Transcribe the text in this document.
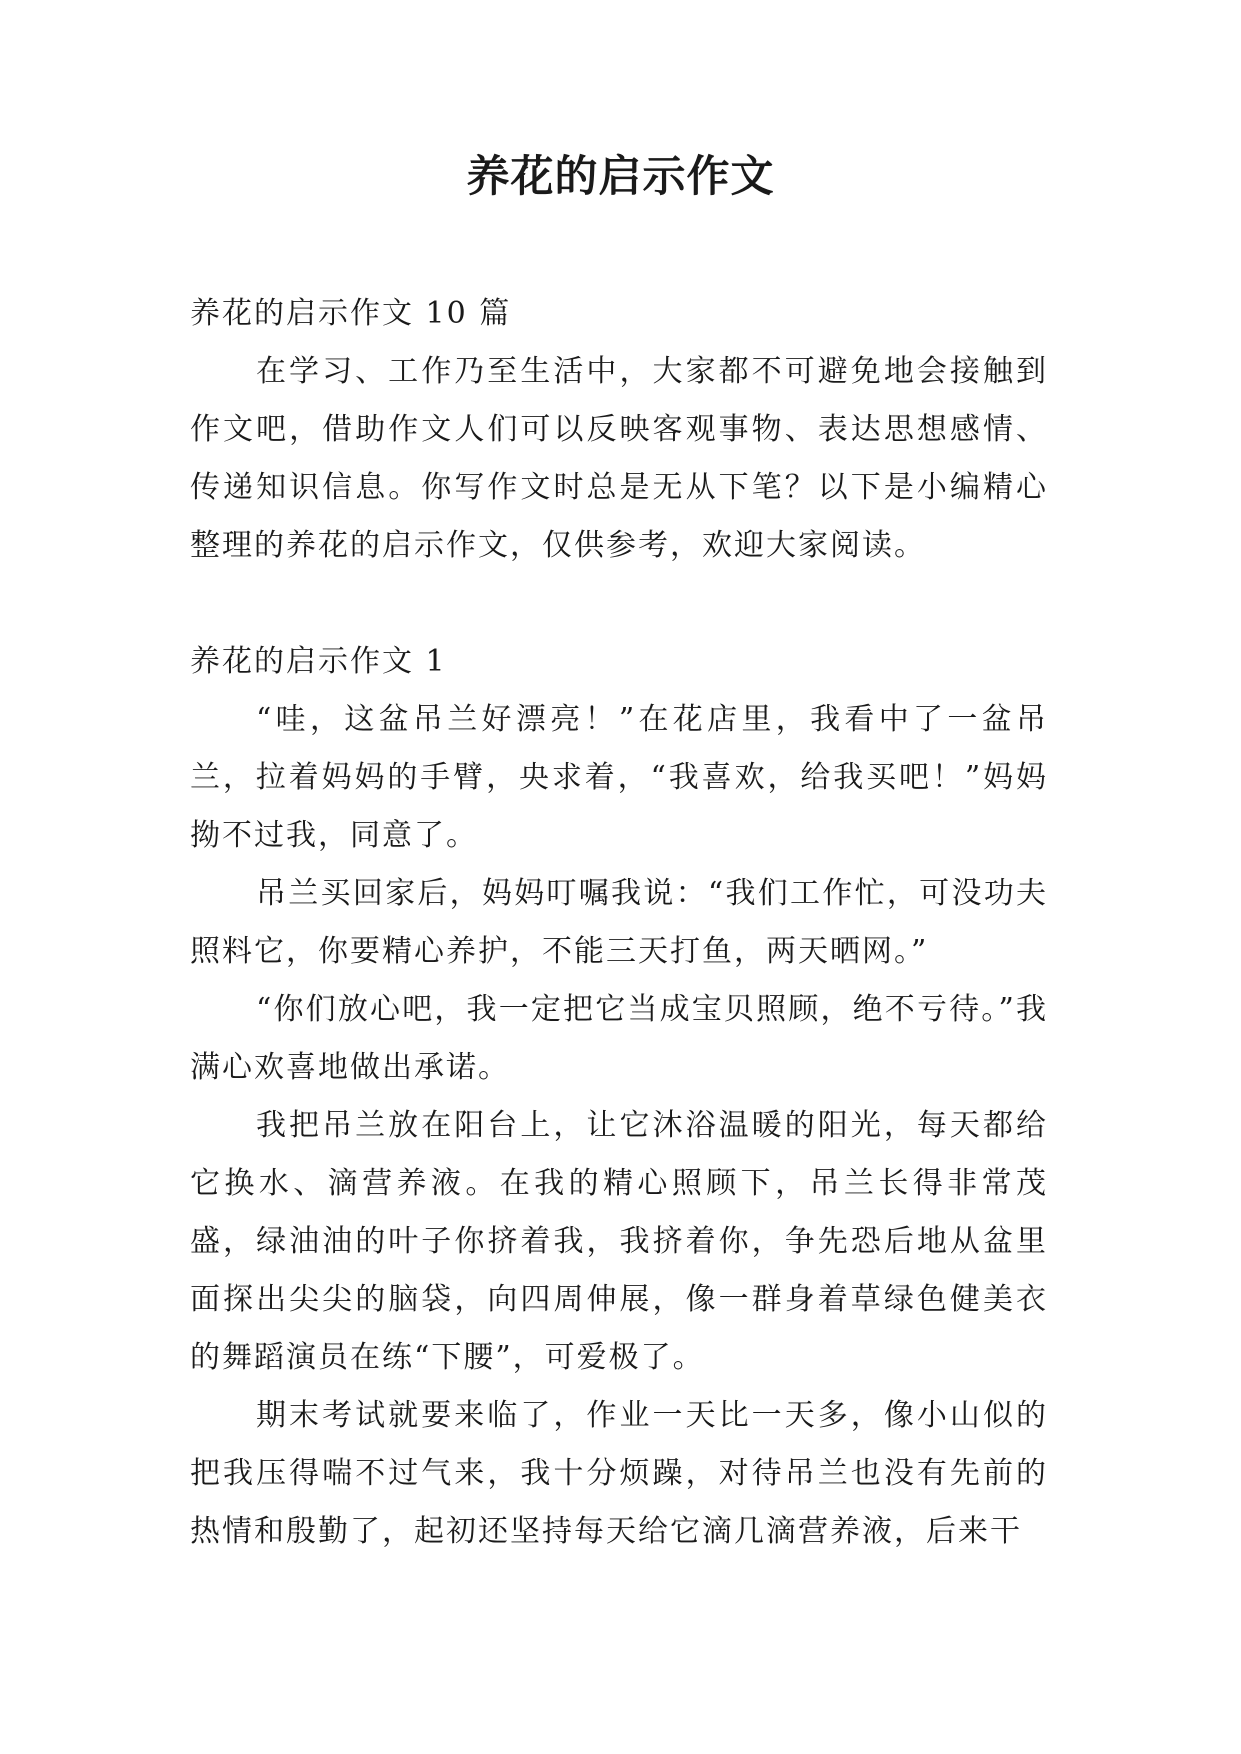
养花的启示作文

养花的启示作文 10 篇

在学习、工作乃至生活中，大家都不可避免地会接触到作文吧，借助作文人们可以反映客观事物、表达思想感情、传递知识信息。你写作文时总是无从下笔？以下是小编精心整理的养花的启示作文，仅供参考，欢迎大家阅读。

养花的启示作文 1

“哇，这盆吊兰好漂亮！”在花店里，我看中了一盆吊兰，拉着妈妈的手臂，央求着，“我喜欢，给我买吧！”妈妈拗不过我，同意了。

吊兰买回家后，妈妈叮嘱我说：“我们工作忙，可没功夫照料它，你要精心养护，不能三天打鱼，两天晒网。”

“你们放心吧，我一定把它当成宝贝照顾，绝不亏待。”我满心欢喜地做出承诺。

我把吊兰放在阳台上，让它沐浴温暖的阳光，每天都给它换水、滴营养液。在我的精心照顾下，吊兰长得非常茂盛，绿油油的叶子你挤着我，我挤着你，争先恐后地从盆里面探出尖尖的脑袋，向四周伸展，像一群身着草绿色健美衣的舞蹈演员在练“下腰”，可爱极了。

期末考试就要来临了，作业一天比一天多，像小山似的把我压得喘不过气来，我十分烦躁，对待吊兰也没有先前的热情和殷勤了，起初还坚持每天给它滴几滴营养液，后来干
